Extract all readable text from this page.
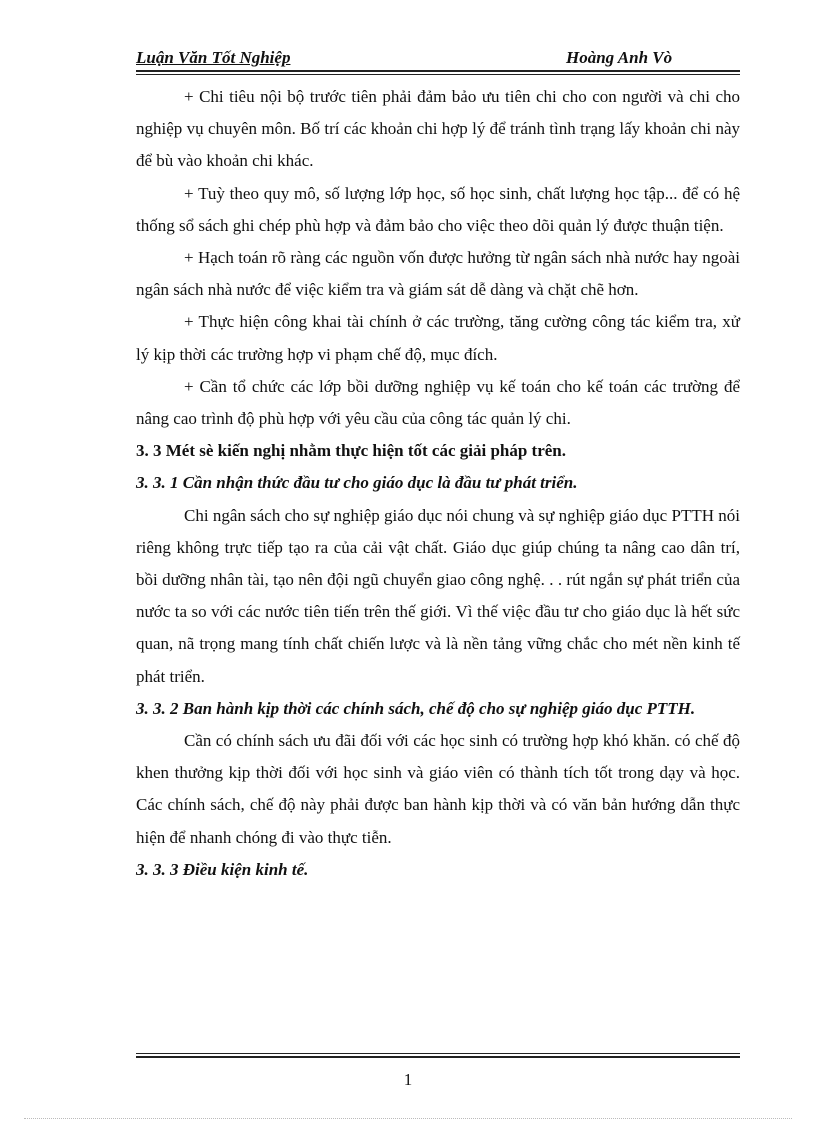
Luận Văn Tốt Nghiệp	Hoàng Anh Vò

+ Chi tiêu nội bộ trước tiên phải đảm bảo ưu tiên chi cho con người và chi cho nghiệp vụ chuyên môn. Bố trí các khoản chi hợp lý để tránh tình trạng lấy khoản chi này để bù vào khoản chi khác.

+ Tuỳ theo quy mô, số lượng lớp học, số học sinh, chất lượng học tập... để có hệ thống sổ sách ghi chép phù hợp và đảm bảo cho việc theo dõi quản lý được thuận tiện.

+ Hạch toán rõ ràng các nguồn vốn được hưởng từ ngân sách nhà nước hay ngoài ngân sách nhà nước để việc kiểm tra và giám sát dễ dàng và chặt chẽ hơn.

+ Thực hiện công khai tài chính ở các trường, tăng cường công tác kiểm tra, xử lý kịp thời các trường hợp vi phạm chế độ, mục đích.

+ Cần tổ chức các lớp bồi dưỡng nghiệp vụ kế toán cho kế toán các trường để nâng cao trình độ phù hợp với yêu cầu của công tác quản lý chi.

3. 3 Mét sè kiến nghị nhằm thực hiện tốt các giải pháp trên.

3. 3. 1 Cần nhận thức đầu tư cho giáo dục là đầu tư phát triển.

Chi ngân sách cho sự nghiệp giáo dục nói chung và sự nghiệp giáo dục PTTH nói riêng không trực tiếp tạo ra của cải vật chất. Giáo dục giúp chúng ta nâng cao dân trí, bồi dưỡng nhân tài, tạo nên đội ngũ chuyển giao công nghệ. . . rút ngắn sự phát triển của nước ta so với các nước tiên tiến trên thế giới. Vì thế việc đầu tư cho giáo dục là hết sức quan, nã trọng mang tính chất chiến lược và là nền tảng vững chắc cho mét nền kinh tế phát triển.

3. 3. 2 Ban hành kịp thời các chính sách, chế độ cho sự nghiệp giáo dục PTTH.

Cần có chính sách ưu đãi đối với các học sinh có trường hợp khó khăn. có chế độ khen thưởng kịp thời đối với học sinh và giáo viên có thành tích tốt trong dạy và học. Các chính sách, chế độ này phải được ban hành kịp thời và có văn bản hướng dẫn thực hiện để nhanh chóng đi vào thực tiễn.

3. 3. 3 Điều kiện kinh tế.

1
